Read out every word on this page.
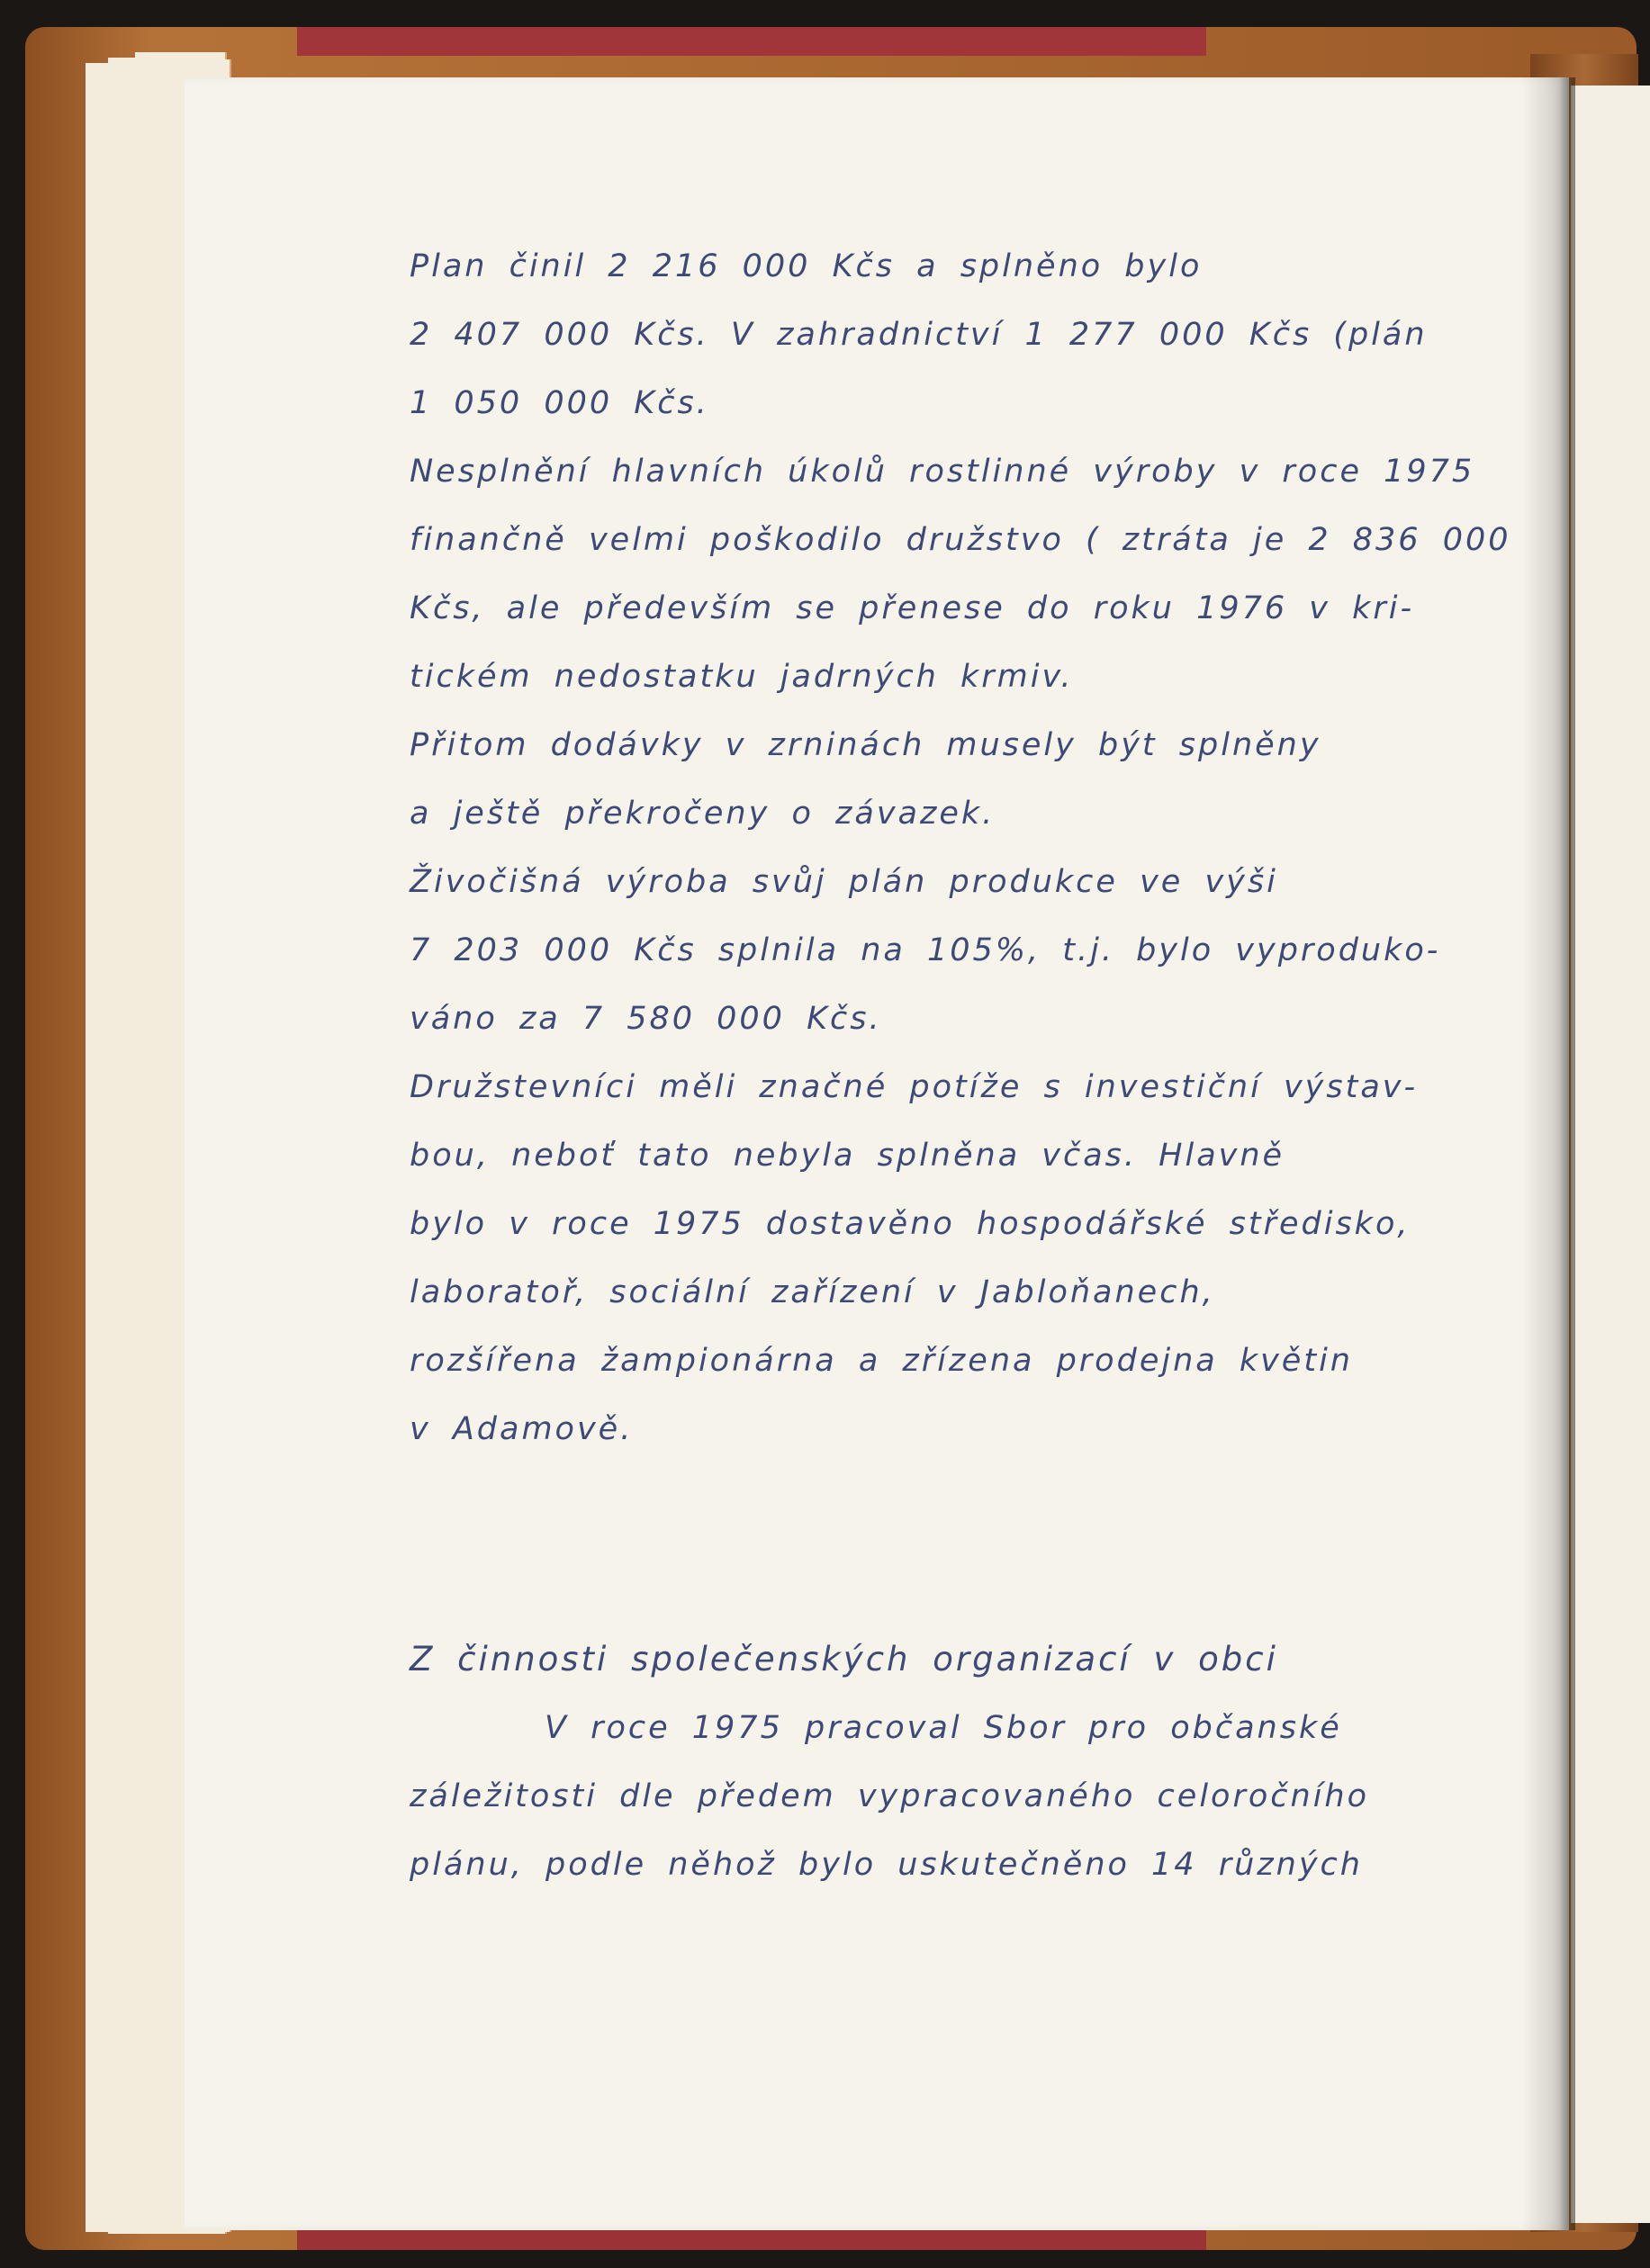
Plan činil 2 216 000 Kčs a splněno bylo
2 407 000 Kčs. V zahradnictví 1 277 000 Kčs (plán
1 050 000 Kčs.
Nesplnění hlavních úkolů rostlinné výroby v roce 1975
finančně velmi poškodilo družstvo ( ztráta je 2 836 000
Kčs, ale především se přenese do roku 1976 v kri-
tickém nedostatku jadrných krmiv.
Přitom dodávky v zrninách musely být splněny
a ještě překročeny o závazek.
Živočišná výroba svůj plán produkce ve výši
7 203 000 Kčs splnila na 105%, t.j. bylo vyproduko-
váno za 7 580 000 Kčs.
Družstevníci měli značné potíže s investiční výstav-
bou, neboť tato nebyla splněna včas. Hlavně
bylo v roce 1975 dostavěno hospodářské středisko,
laboratoř, sociální zařízení v Jabloňanech,
rozšířena žampionárna a zřízena prodejna květin
v Adamově.
Z činnosti společenských organizací v obci
V roce 1975 pracoval Sbor pro občanské
záležitosti dle předem vypracovaného celoročního
plánu, podle něhož bylo uskutečněno 14 různých
